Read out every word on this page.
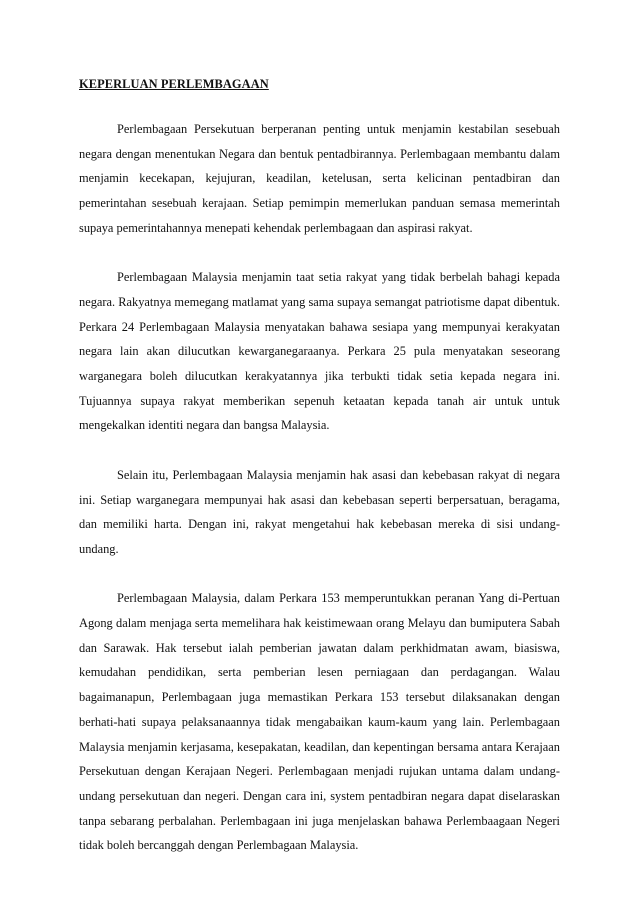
KEPERLUAN PERLEMBAGAAN

Perlembagaan Persekutuan berperanan penting untuk menjamin kestabilan sesebuah negara dengan menentukan Negara dan bentuk pentadbirannya. Perlembagaan membantu dalam menjamin kecekapan, kejujuran, keadilan, ketelusan, serta kelicinan pentadbiran dan pemerintahan sesebuah kerajaan. Setiap pemimpin memerlukan panduan semasa memerintah supaya pemerintahannya menepati kehendak perlembagaan dan aspirasi rakyat.

Perlembagaan Malaysia menjamin taat setia rakyat yang tidak berbelah bahagi kepada negara. Rakyatnya memegang matlamat yang sama supaya semangat patriotisme dapat dibentuk. Perkara 24 Perlembagaan Malaysia menyatakan bahawa sesiapa yang mempunyai kerakyatan negara lain akan dilucutkan kewarganegaraanya. Perkara 25 pula menyatakan seseorang warganegara boleh dilucutkan kerakyatannya jika terbukti tidak setia kepada negara ini. Tujuannya supaya rakyat memberikan sepenuh ketaatan kepada tanah air untuk untuk mengekalkan identiti negara dan bangsa Malaysia.

Selain itu, Perlembagaan Malaysia menjamin hak asasi dan kebebasan rakyat di negara ini. Setiap warganegara mempunyai hak asasi dan kebebasan seperti berpersatuan, beragama, dan memiliki harta. Dengan ini, rakyat mengetahui hak kebebasan mereka di sisi undang-undang.

Perlembagaan Malaysia, dalam Perkara 153 memperuntukkan peranan Yang di-Pertuan Agong dalam menjaga serta memelihara hak keistimewaan orang Melayu dan bumiputera Sabah dan Sarawak. Hak tersebut ialah pemberian jawatan dalam perkhidmatan awam, biasiswa, kemudahan pendidikan, serta pemberian lesen perniagaan dan perdagangan. Walau bagaimanapun, Perlembagaan juga memastikan Perkara 153 tersebut dilaksanakan dengan berhati-hati supaya pelaksanaannya tidak mengabaikan kaum-kaum yang lain. Perlembagaan Malaysia menjamin kerjasama, kesepakatan, keadilan, dan kepentingan bersama antara Kerajaan Persekutuan dengan Kerajaan Negeri. Perlembagaan menjadi rujukan untama dalam undang-undang persekutuan dan negeri. Dengan cara ini, system pentadbiran negara dapat diselaraskan tanpa sebarang perbalahan. Perlembagaan ini juga menjelaskan bahawa Perlembaagaan Negeri tidak boleh bercanggah dengan Perlembagaan Malaysia.
